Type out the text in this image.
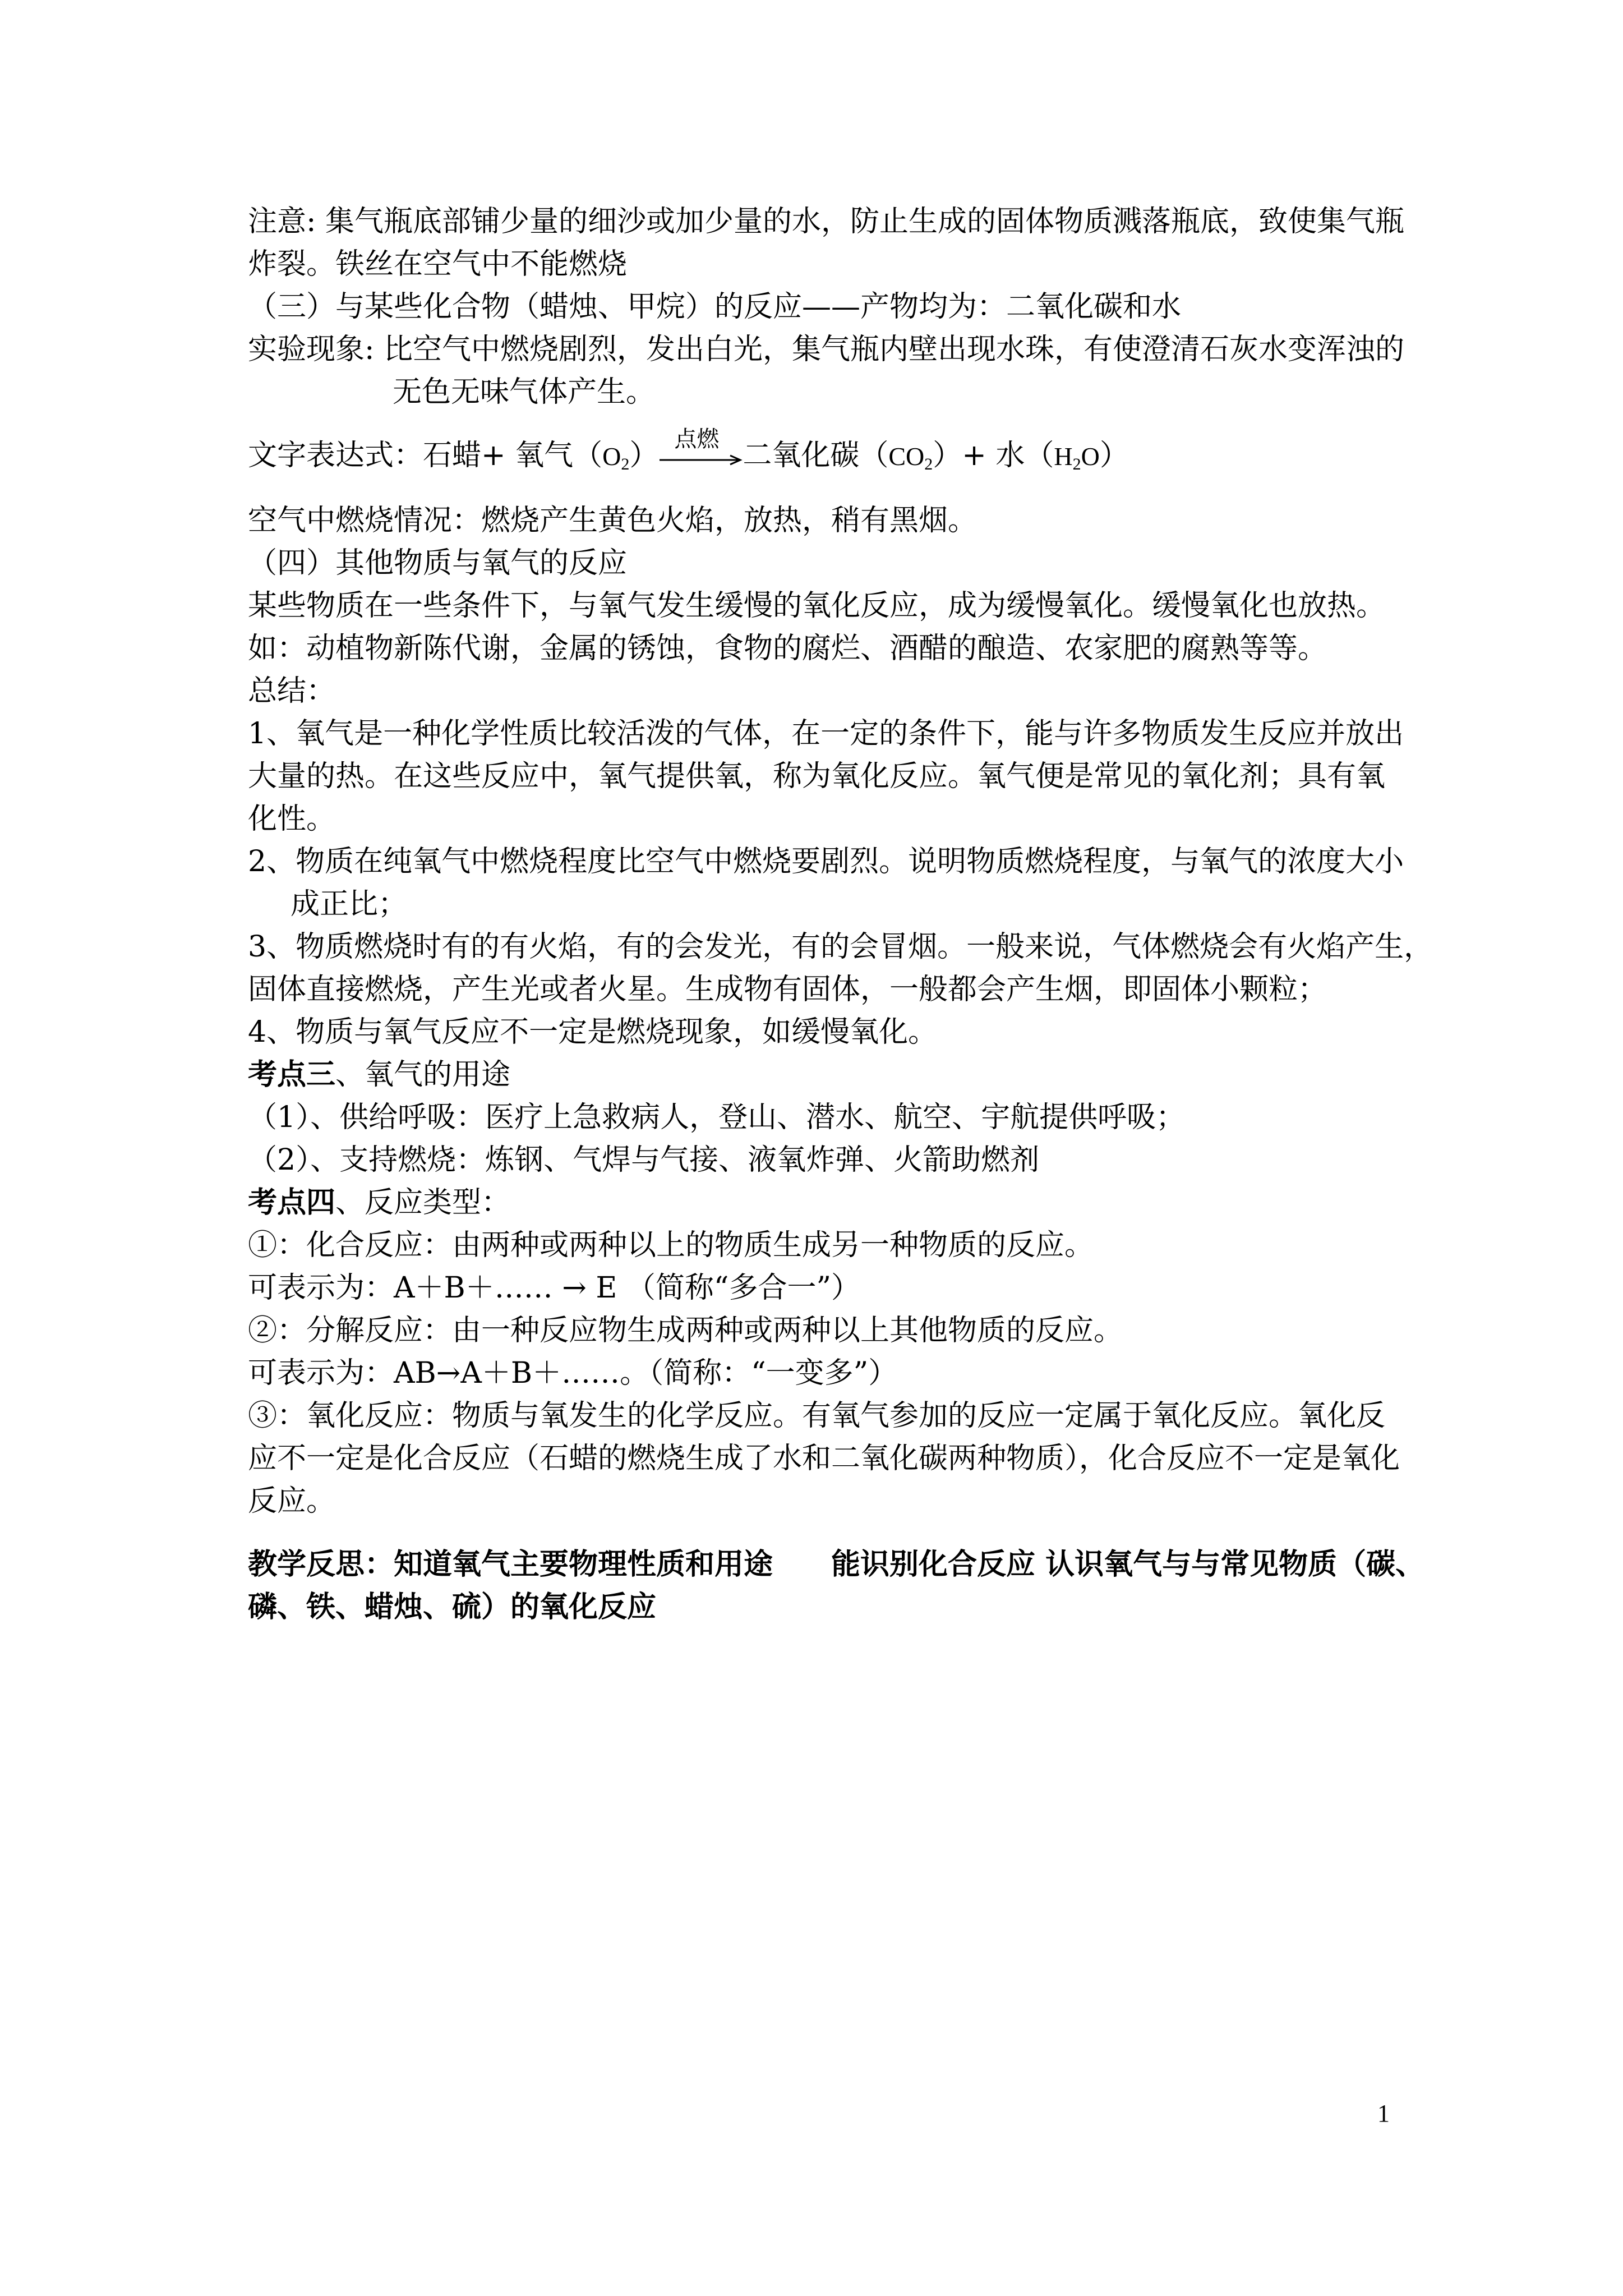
注意: 集气瓶底部铺少量的细沙或加少量的水，防止生成的固体物质溅落瓶底，致使集气瓶
炸裂。铁丝在空气中不能燃烧
（三）与某些化合物（蜡烛、甲烷）的反应——产物均为：二氧化碳和水
实验现象: 比空气中燃烧剧烈，发出白光，集气瓶内壁出现水珠，有使澄清石灰水变浑浊的
无色无味气体产生。
文字表达式：石蜡+ 氧气$(O_2)$ 点燃 二氧化碳$(CO_2)+$ 水$(H_2O)$
空气中燃烧情况：燃烧产生黄色火焰，放热，稍有黑烟。
（四）其他物质与氧气的反应
某些物质在一些条件下，与氧气发生缓慢的氧化反应，成为缓慢氧化。缓慢氧化也放热。
如：动植物新陈代谢，金属的锈蚀，食物的腐烂、酒醋的酿造、农家肥的腐熟等等。
总结：
1、氧气是一种化学性质比较活泼的气体，在一定的条件下，能与许多物质发生反应并放出
大量的热。在这些反应中，氧气提供氧，称为氧化反应。氧气便是常见的氧化剂；具有氧
化性。
2、物质在纯氧气中燃烧程度比空气中燃烧要剧烈。说明物质燃烧程度，与氧气的浓度大小
成正比；
3、物质燃烧时有的有火焰，有的会发光，有的会冒烟。一般来说，气体燃烧会有火焰产生，
固体直接燃烧，产生光或者火星。生成物有固体，一般都会产生烟，即固体小颗粒；
4、物质与氧气反应不一定是燃烧现象，如缓慢氧化。
考点三、氧气的用途
（1）、供给呼吸：医疗上急救病人，登山、潜水、航空、宇航提供呼吸；
（2）、支持燃烧：炼钢、气焊与气接、液氧炸弹、火箭助燃剂
考点四、反应类型：
①：化合反应：由两种或两种以上的物质生成另一种物质的反应。
可表示为：A＋B＋…… → E （简称“多合一”）
②：分解反应：由一种反应物生成两种或两种以上其他物质的反应。
可表示为：AB→A＋B＋……。（简称：“一变多”）
③：氧化反应：物质与氧发生的化学反应。有氧气参加的反应一定属于氧化反应。氧化反
应不一定是化合反应（石蜡的燃烧生成了水和二氧化碳两种物质），化合反应不一定是氧化
反应。
教学反思：知道氧气主要物理性质和用途　　能识别化合反应 认识氧气与与常见物质（碳、
磷、铁、蜡烛、硫）的氧化反应
1
